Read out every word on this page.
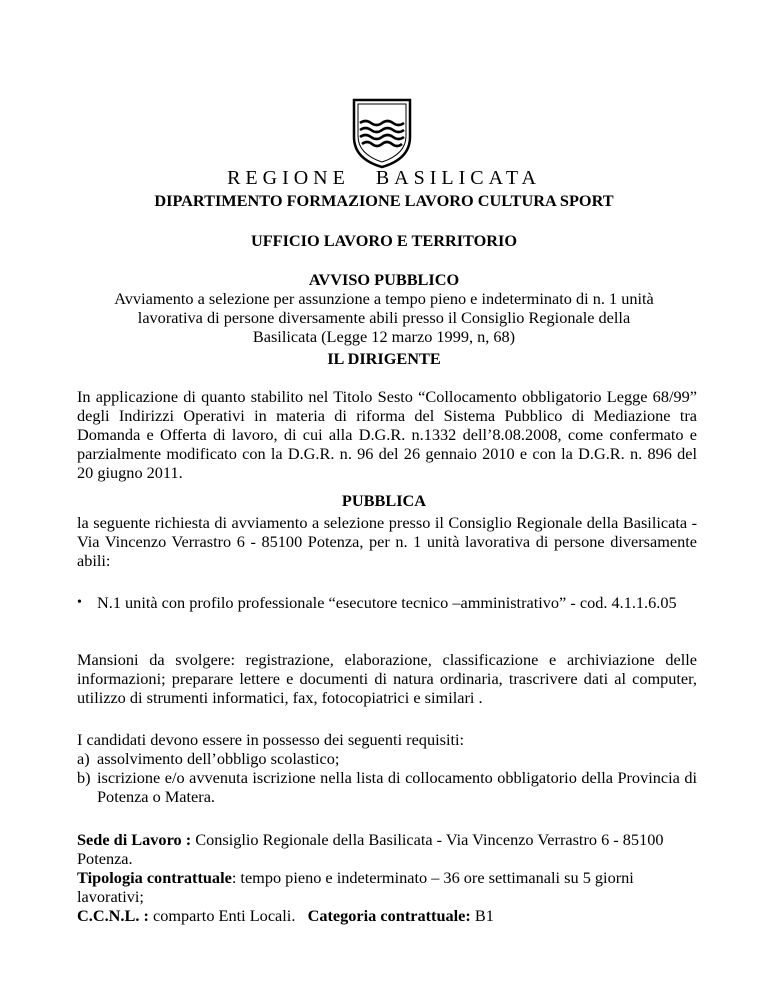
REGIONE BASILICATA
DIPARTIMENTO FORMAZIONE LAVORO CULTURA SPORT
UFFICIO LAVORO E TERRITORIO
AVVISO PUBBLICO
Avviamento a selezione per assunzione a tempo pieno e indeterminato di n. 1 unità
lavorativa di persone diversamente abili presso il Consiglio Regionale della
Basilicata (Legge 12 marzo 1999, n, 68)
IL DIRIGENTE

In applicazione di quanto stabilito nel Titolo Sesto “Collocamento obbligatorio Legge 68/99” degli Indirizzi Operativi in materia di riforma del Sistema Pubblico di Mediazione tra Domanda e Offerta di lavoro, di cui alla D.G.R. n.1332 dell’8.08.2008, come confermato e parzialmente modificato con la D.G.R. n. 96 del 26 gennaio 2010 e con la D.G.R. n. 896 del 20 giugno 2011.

PUBBLICA

la seguente richiesta di avviamento a selezione presso il Consiglio Regionale della Basilicata - Via Vincenzo Verrastro 6 - 85100 Potenza, per n. 1 unità lavorativa di persone diversamente abili:

• N.1 unità con profilo professionale “esecutore tecnico –amministrativo” - cod. 4.1.1.6.05

Mansioni da svolgere: registrazione, elaborazione, classificazione e archiviazione delle informazioni; preparare lettere e documenti di natura ordinaria, trascrivere dati al computer, utilizzo di strumenti informatici, fax, fotocopiatrici e similari .

I candidati devono essere in possesso dei seguenti requisiti:

a) assolvimento dell’obbligo scolastico;
b) iscrizione e/o avvenuta iscrizione nella lista di collocamento obbligatorio della Provincia di Potenza o Matera.

Sede di Lavoro : Consiglio Regionale della Basilicata - Via Vincenzo Verrastro 6 - 85100 Potenza.

Tipologia contrattuale: tempo pieno e indeterminato – 36 ore settimanali su 5 giorni lavorativi;

C.C.N.L. : comparto Enti Locali.   Categoria contrattuale: B1
